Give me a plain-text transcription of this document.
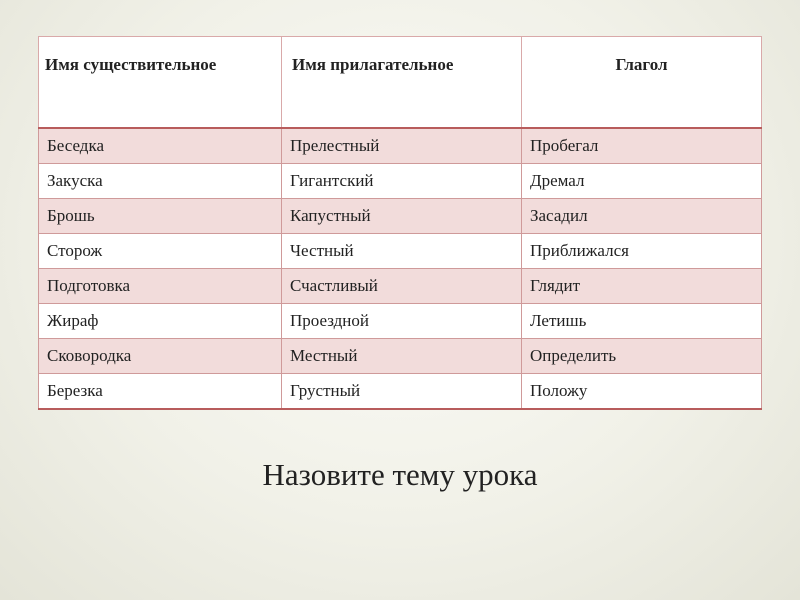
Имя существительное	Имя прилагательное	Глагол
Беседка	Прелестный	Пробегал
Закуска	Гигантский	Дремал
Брошь	Капустный	Засадил
Сторож	Честный	Приближался
Подготовка	Счастливый	Глядит
Жираф	Проездной	Летишь
Сковородка	Местный	Определить
Березка	Грустный	Положу
Назовите тему урока
